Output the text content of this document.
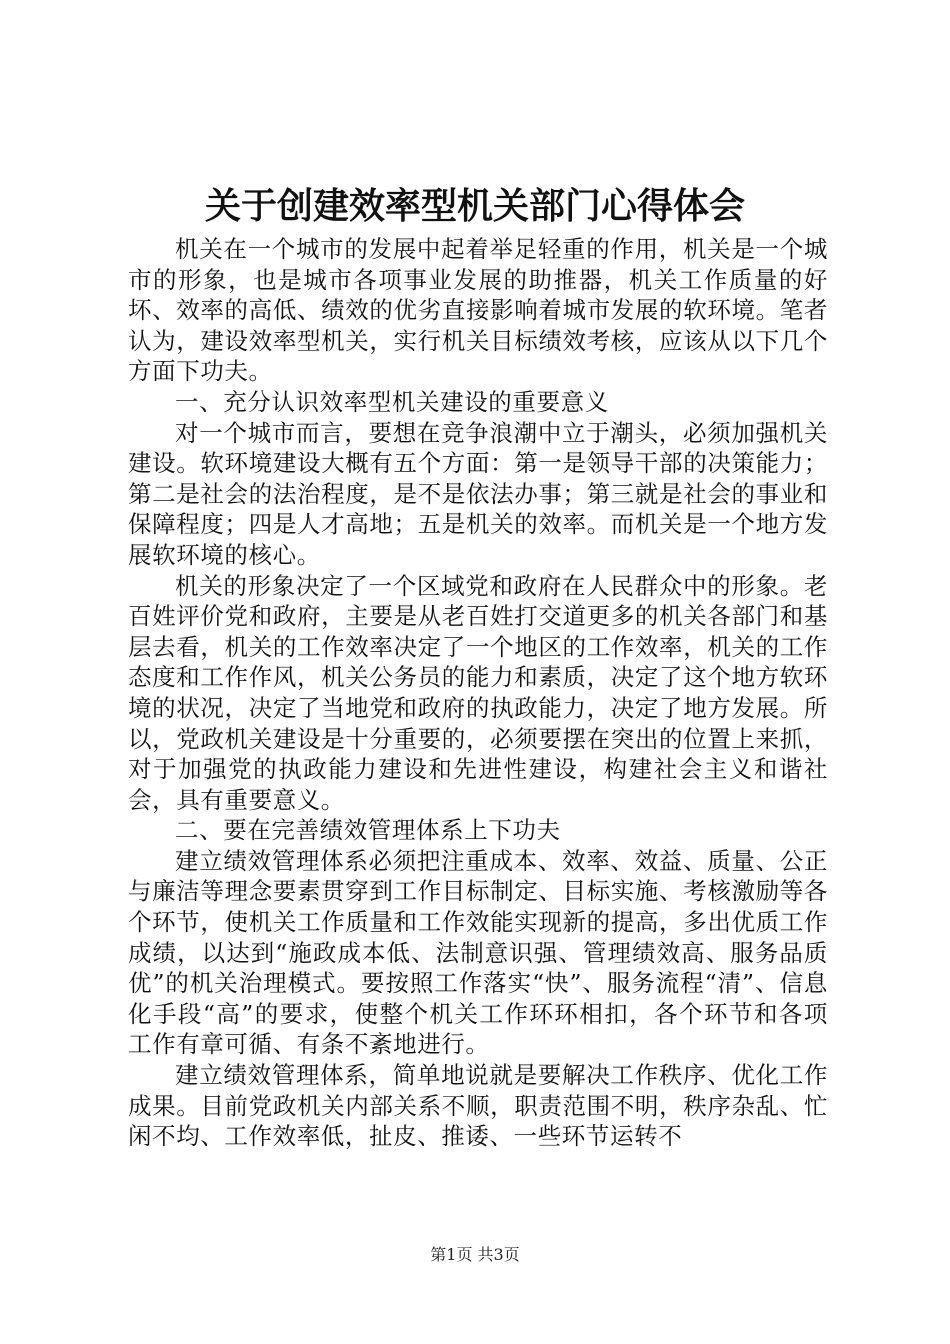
关于创建效率型机关部门心得体会

机关在一个城市的发展中起着举足轻重的作用，机关是一个城市的形象，也是城市各项事业发展的助推器，机关工作质量的好坏、效率的高低、绩效的优劣直接影响着城市发展的软环境。笔者认为，建设效率型机关，实行机关目标绩效考核，应该从以下几个方面下功夫。

一、充分认识效率型机关建设的重要意义

对一个城市而言，要想在竞争浪潮中立于潮头，必须加强机关建设。软环境建设大概有五个方面：第一是领导干部的决策能力；第二是社会的法治程度，是不是依法办事；第三就是社会的事业和保障程度；四是人才高地；五是机关的效率。而机关是一个地方发展软环境的核心。

机关的形象决定了一个区域党和政府在人民群众中的形象。老百姓评价党和政府，主要是从老百姓打交道更多的机关各部门和基层去看，机关的工作效率决定了一个地区的工作效率，机关的工作态度和工作作风，机关公务员的能力和素质，决定了这个地方软环境的状况，决定了当地党和政府的执政能力，决定了地方发展。所以，党政机关建设是十分重要的，必须要摆在突出的位置上来抓，对于加强党的执政能力建设和先进性建设，构建社会主义和谐社会，具有重要意义。

二、要在完善绩效管理体系上下功夫

建立绩效管理体系必须把注重成本、效率、效益、质量、公正与廉洁等理念要素贯穿到工作目标制定、目标实施、考核激励等各个环节，使机关工作质量和工作效能实现新的提高，多出优质工作成绩，以达到“施政成本低、法制意识强、管理绩效高、服务品质优”的机关治理模式。要按照工作落实“快”、服务流程“清”、信息化手段“高”的要求，使整个机关工作环环相扣，各个环节和各项工作有章可循、有条不紊地进行。

建立绩效管理体系，简单地说就是要解决工作秩序、优化工作成果。目前党政机关内部关系不顺，职责范围不明，秩序杂乱、忙闲不均、工作效率低，扯皮、推诿、一些环节运转不

第1页 共3页
